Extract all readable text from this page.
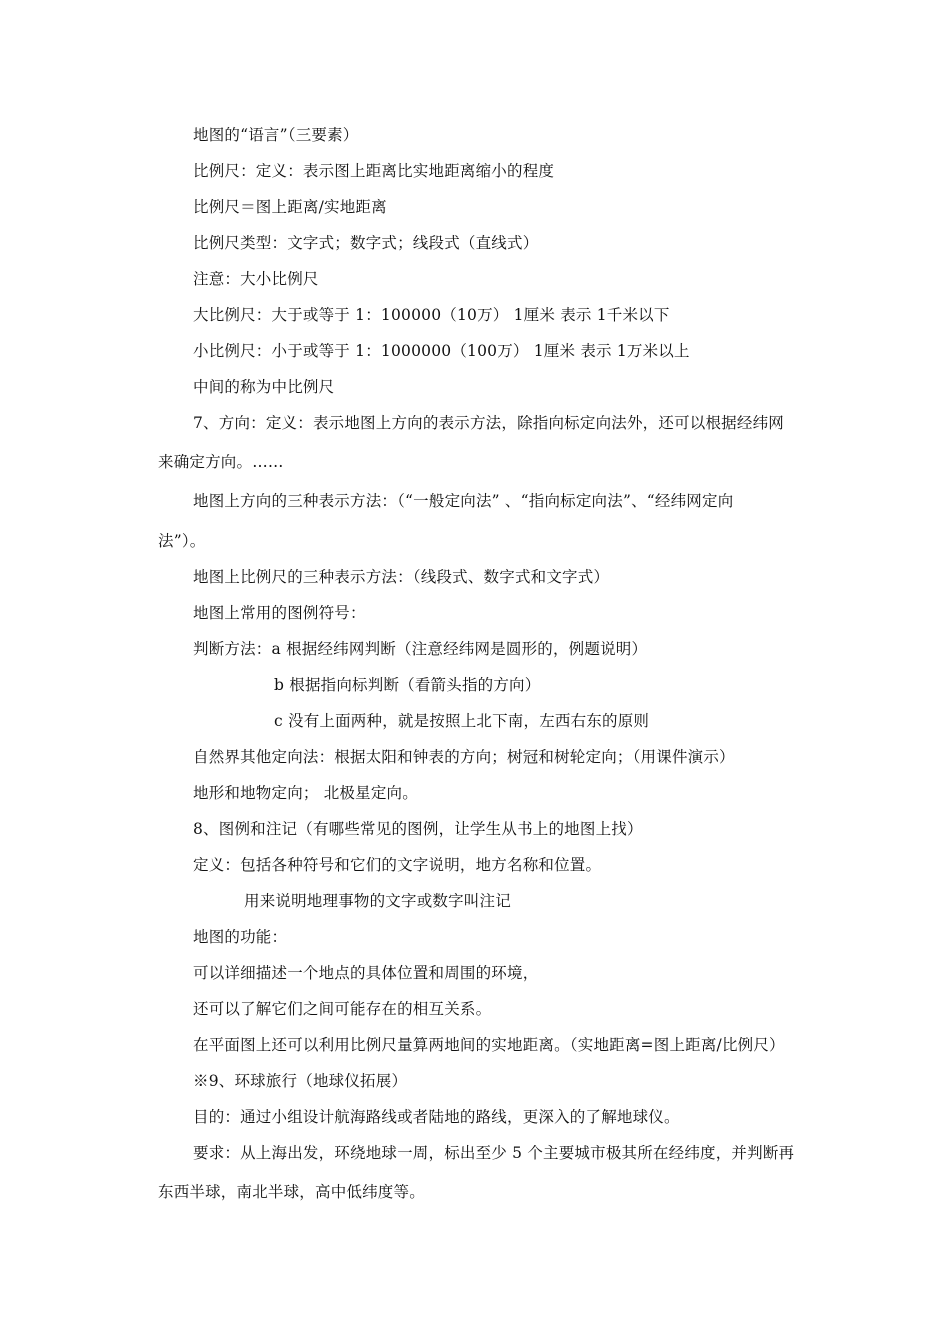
地图的“语言”（三要素）
比例尺：定义：表示图上距离比实地距离缩小的程度
比例尺＝图上距离/实地距离
比例尺类型：文字式；数字式；线段式（直线式）
注意：大小比例尺
大比例尺：大于或等于 1：100000（10万） 1厘米 表示 1千米以下
小比例尺：小于或等于 1：1000000（100万） 1厘米 表示 1万米以上
中间的称为中比例尺
7、方向：定义：表示地图上方向的表示方法，除指向标定向法外，还可以根据经纬网
来确定方向。……
地图上方向的三种表示方法：（“一般定向法” 、“指向标定向法”、“经纬网定向
法”）。
地图上比例尺的三种表示方法：（线段式、数字式和文字式）
地图上常用的图例符号：
判断方法：a 根据经纬网判断（注意经纬网是圆形的，例题说明）
b 根据指向标判断（看箭头指的方向）
c 没有上面两种，就是按照上北下南，左西右东的原则
自然界其他定向法：根据太阳和钟表的方向；树冠和树轮定向；（用课件演示）
地形和地物定向； 北极星定向。
8、图例和注记（有哪些常见的图例，让学生从书上的地图上找）
定义：包括各种符号和它们的文字说明，地方名称和位置。
用来说明地理事物的文字或数字叫注记
地图的功能：
可以详细描述一个地点的具体位置和周围的环境，
还可以了解它们之间可能存在的相互关系。
在平面图上还可以利用比例尺量算两地间的实地距离。（实地距离=图上距离/比例尺）
※9、环球旅行（地球仪拓展）
目的：通过小组设计航海路线或者陆地的路线，更深入的了解地球仪。
要求：从上海出发，环绕地球一周，标出至少 5 个主要城市极其所在经纬度，并判断再
东西半球，南北半球，高中低纬度等。
